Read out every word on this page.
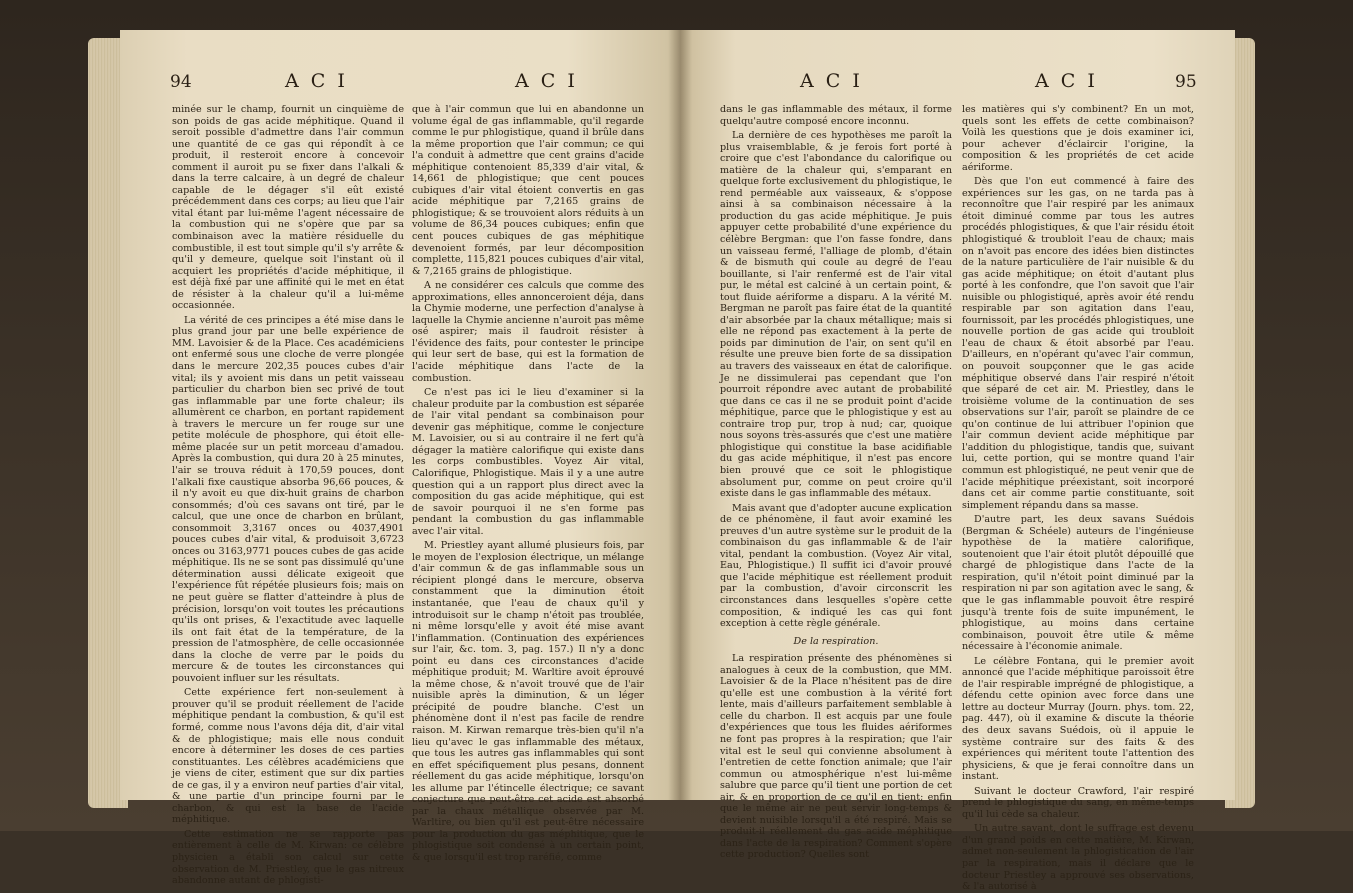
94	A C I	A C I

minée sur le champ, fournit un cinquième de son poids de gas acide méphitique. Quand il seroit possible d'admettre dans l'air commun une quantité de ce gas qui répondît à ce produit, il resteroit encore à concevoir comment il auroit pu se fixer dans l'alkali & dans la terre calcaire, à un degré de chaleur capable de le dégager s'il eût existé précédemment dans ces corps; au lieu que l'air vital étant par lui-même l'agent nécessaire de la combustion qui ne s'opère que par sa combinaison avec la matière résiduelle du combustible, il est tout simple qu'il s'y arrête & qu'il y demeure, quelque soit l'instant où il acquiert les propriétés d'acide méphitique, il est déjà fixé par une affinité qui le met en état de résister à la chaleur qu'il a lui-même occasionnée.

La vérité de ces principes a été mise dans le plus grand jour par une belle expérience de MM. Lavoisier & de la Place. Ces académiciens ont enfermé sous une cloche de verre plongée dans le mercure 202,35 pouces cubes d'air vital; ils y avoient mis dans un petit vaisseau particulier du charbon bien sec privé de tout gas inflammable par une forte chaleur; ils allumèrent ce charbon, en portant rapidement à travers le mercure un fer rouge sur une petite molécule de phosphore, qui étoit elle-même placée sur un petit morceau d'amadou. Après la combustion, qui dura 20 à 25 minutes, l'air se trouva réduit à 170,59 pouces, dont l'alkali fixe caustique absorba 96,66 pouces, & il n'y avoit eu que dix-huit grains de charbon consommés; d'où ces savans ont tiré, par le calcul, que une once de charbon en brûlant, consommoit 3,3167 onces ou 4037,4901 pouces cubes d'air vital, & produisoit 3,6723 onces ou 3163,9771 pouces cubes de gas acide méphitique. Ils ne se sont pas dissimulé qu'une détermination aussi délicate exigeoit que l'expérience fût répétée plusieurs fois; mais on ne peut guère se flatter d'atteindre à plus de précision, lorsqu'on voit toutes les précautions qu'ils ont prises, & l'exactitude avec laquelle ils ont fait état de la température, de la pression de l'atmosphère, de celle occasionnée dans la cloche de verre par le poids du mercure & de toutes les circonstances qui pouvoient influer sur les résultats.

Cette expérience fert non-seulement à prouver qu'il se produit réellement de l'acide méphitique pendant la combustion, & qu'il est formé, comme nous l'avons déja dit, d'air vital & de phlogistique; mais elle nous conduit encore à déterminer les doses de ces parties constituantes. Les célèbres académiciens que je viens de citer, estiment que sur dix parties de ce gas, il y a environ neuf parties d'air vital, & une partie d'un principe fourni par le charbon, & qui est la base de l'acide méphitique.

Cette estimation ne se rapporte pas entièrement à celle de M. Kirwan: ce célèbre physicien a établi son calcul sur cette observation de M. Priestley, que le gas nitreux abandonne autant de phlogisti-

que à l'air commun que lui en abandonne un volume égal de gas inflammable, qu'il regarde comme le pur phlogistique, quand il brûle dans la même proportion que l'air commun; ce qui l'a conduit à admettre que cent grains d'acide méphitique contenoient 85,339 d'air vital, & 14,661 de phlogistique; que cent pouces cubiques d'air vital étoient convertis en gas acide méphitique par 7,2165 grains de phlogistique; & se trouvoient alors réduits à un volume de 86,34 pouces cubiques; enfin que cent pouces cubiques de gas méphitique devenoient formés, par leur décomposition complette, 115,821 pouces cubiques d'air vital, & 7,2165 grains de phlogistique.

A ne considérer ces calculs que comme des approximations, elles annonceroient déja, dans la Chymie moderne, une perfection d'analyse à laquelle la Chymie ancienne n'auroit pas même osé aspirer; mais il faudroit résister à l'évidence des faits, pour contester le principe qui leur sert de base, qui est la formation de l'acide méphitique dans l'acte de la combustion.

Ce n'est pas ici le lieu d'examiner si la chaleur produite par la combustion est séparée de l'air vital pendant sa combinaison pour devenir gas méphitique, comme le conjecture M. Lavoisier, ou si au contraire il ne fert qu'à dégager la matière calorifique qui existe dans les corps combustibles. Voyez Air vital, Calorifique, Phlogistique. Mais il y a une autre question qui a un rapport plus direct avec la composition du gas acide méphitique, qui est de savoir pourquoi il ne s'en forme pas pendant la combustion du gas inflammable avec l'air vital.

M. Priestley ayant allumé plusieurs fois, par le moyen de l'explosion électrique, un mélange d'air commun & de gas inflammable sous un récipient plongé dans le mercure, observa constamment que la diminution étoit instantanée, que l'eau de chaux qu'il y introduisoit sur le champ n'étoit pas troublée, ni même lorsqu'elle y avoit été mise avant l'inflammation. (Continuation des expériences sur l'air, &c. tom. 3, pag. 157.) Il n'y a donc point eu dans ces circonstances d'acide méphitique produit; M. Warltire avoit éprouvé la même chose, & n'avoit trouvé que de l'air nuisible après la diminution, & un léger précipité de poudre blanche. C'est un phénomène dont il n'est pas facile de rendre raison. M. Kirwan remarque très-bien qu'il n'a lieu qu'avec le gas inflammable des métaux, que tous les autres gas inflammables qui sont en effet spécifiquement plus pesans, donnent réellement du gas acide méphitique, lorsqu'on les allume par l'étincelle électrique; ce savant conjecture que peut-être cet acide est absorbé par la chaux métallique observée par M. Warltire, ou bien qu'il est peut-être nécessaire pour la production du gas méphitique, que le phlogistique soit condensé à un certain point, & que lorsqu'il est trop raréfié, comme

A C I	A C I	95

dans le gas inflammable des métaux, il forme quelqu'autre composé encore inconnu.

La dernière de ces hypothèses me paroît la plus vraisemblable, & je ferois fort porté à croire que c'est l'abondance du calorifique ou matière de la chaleur qui, s'emparant en quelque forte exclusivement du phlogistique, le rend perméable aux vaisseaux, & s'oppose ainsi à sa combinaison nécessaire à la production du gas acide méphitique. Je puis appuyer cette probabilité d'une expérience du célèbre Bergman: que l'on fasse fondre, dans un vaisseau fermé, l'alliage de plomb, d'étain & de bismuth qui coule au degré de l'eau bouillante, si l'air renfermé est de l'air vital pur, le métal est calciné à un certain point, & tout fluide aériforme a disparu. A la vérité M. Bergman ne paroît pas faire état de la quantité d'air absorbée par la chaux métallique; mais si elle ne répond pas exactement à la perte de poids par diminution de l'air, on sent qu'il en résulte une preuve bien forte de sa dissipation au travers des vaisseaux en état de calorifique. Je ne dissimulerai pas cependant que l'on pourroit répondre avec autant de probabilité que dans ce cas il ne se produit point d'acide méphitique, parce que le phlogistique y est au contraire trop pur, trop à nud; car, quoique nous soyons très-assurés que c'est une matière phlogistique qui constitue la base acidifiable du gas acide méphitique, il n'est pas encore bien prouvé que ce soit le phlogistique absolument pur, comme on peut croire qu'il existe dans le gas inflammable des métaux.

Mais avant que d'adopter aucune explication de ce phénomène, il faut avoir examiné les preuves d'un autre système sur le produit de la combinaison du gas inflammable & de l'air vital, pendant la combustion. (Voyez Air vital, Eau, Phlogistique.) Il suffit ici d'avoir prouvé que l'acide méphitique est réellement produit par la combustion, d'avoir circonscrit les circonstances dans lesquelles s'opère cette composition, & indiqué les cas qui font exception à cette règle générale.

De la respiration.

La respiration présente des phénomènes si analogues à ceux de la combustion, que MM. Lavoisier & de la Place n'hésitent pas de dire qu'elle est une combustion à la vérité fort lente, mais d'ailleurs parfaitement semblable à celle du charbon. Il est acquis par une foule d'expériences que tous les fluides aériformes ne font pas propres à la respiration; que l'air vital est le seul qui convienne absolument à l'entretien de cette fonction animale; que l'air commun ou atmosphérique n'est lui-même salubre que parce qu'il tient une portion de cet air, & en proportion de ce qu'il en tient; enfin que le même air ne peut servir long-temps & devient nuisible lorsqu'il a été respiré. Mais se produit-il réellement du gas acide méphitique dans l'acte de la respiration? Comment s'opère cette production? Quelles sont

les matières qui s'y combinent? En un mot, quels sont les effets de cette combinaison? Voilà les questions que je dois examiner ici, pour achever d'éclaircir l'origine, la composition & les propriétés de cet acide aériforme.

Dès que l'on eut commencé à faire des expériences sur les gas, on ne tarda pas à reconnoître que l'air respiré par les animaux étoit diminué comme par tous les autres procédés phlogistiques, & que l'air résidu étoit phlogistiqué & troubloit l'eau de chaux; mais on n'avoit pas encore des idées bien distinctes de la nature particulière de l'air nuisible & du gas acide méphitique; on étoit d'autant plus porté à les confondre, que l'on savoit que l'air nuisible ou phlogistiqué, après avoir été rendu respirable par son agitation dans l'eau, fournissoit, par les procédés phlogistiques, une nouvelle portion de gas acide qui troubloit l'eau de chaux & étoit absorbé par l'eau. D'ailleurs, en n'opérant qu'avec l'air commun, on pouvoit soupçonner que le gas acide méphitique observé dans l'air respiré n'étoit que séparé de cet air. M. Priestley, dans le troisième volume de la continuation de ses observations sur l'air, paroît se plaindre de ce qu'on continue de lui attribuer l'opinion que l'air commun devient acide méphitique par l'addition du phlogistique, tandis que, suivant lui, cette portion, qui se montre quand l'air commun est phlogistiqué, ne peut venir que de l'acide méphitique préexistant, soit incorporé dans cet air comme partie constituante, soit simplement répandu dans sa masse.

D'autre part, les deux savans Suédois (Bergman & Schéele) auteurs de l'ingénieuse hypothèse de la matière calorifique, soutenoient que l'air étoit plutôt dépouillé que chargé de phlogistique dans l'acte de la respiration, qu'il n'étoit point diminué par la respiration ni par son agitation avec le sang, & que le gas inflammable pouvoit être respiré jusqu'à trente fois de suite impunément, le phlogistique, au moins dans certaine combinaison, pouvoit être utile & même nécessaire à l'économie animale.

Le célèbre Fontana, qui le premier avoit annoncé que l'acide méphitique paroissoit être de l'air respirable imprégné de phlogistique, a défendu cette opinion avec force dans une lettre au docteur Murray (Journ. phys. tom. 22, pag. 447), où il examine & discute la théorie des deux savans Suédois, où il appuie le système contraire sur des faits & des expériences qui méritent toute l'attention des physiciens, & que je ferai connoître dans un instant.

Suivant le docteur Crawford, l'air respiré prend le phlogistique du sang, en même-temps qu'il lui cède sa chaleur.

Un autre savant, dont le suffrage est devenu d'un grand poids en cette matière, M. Kirwan, admet non-seulement la phlogistication de l'air par la respiration, mais il déclare que le docteur Priestley a approuvé ses observations, & l'a autorisé à
